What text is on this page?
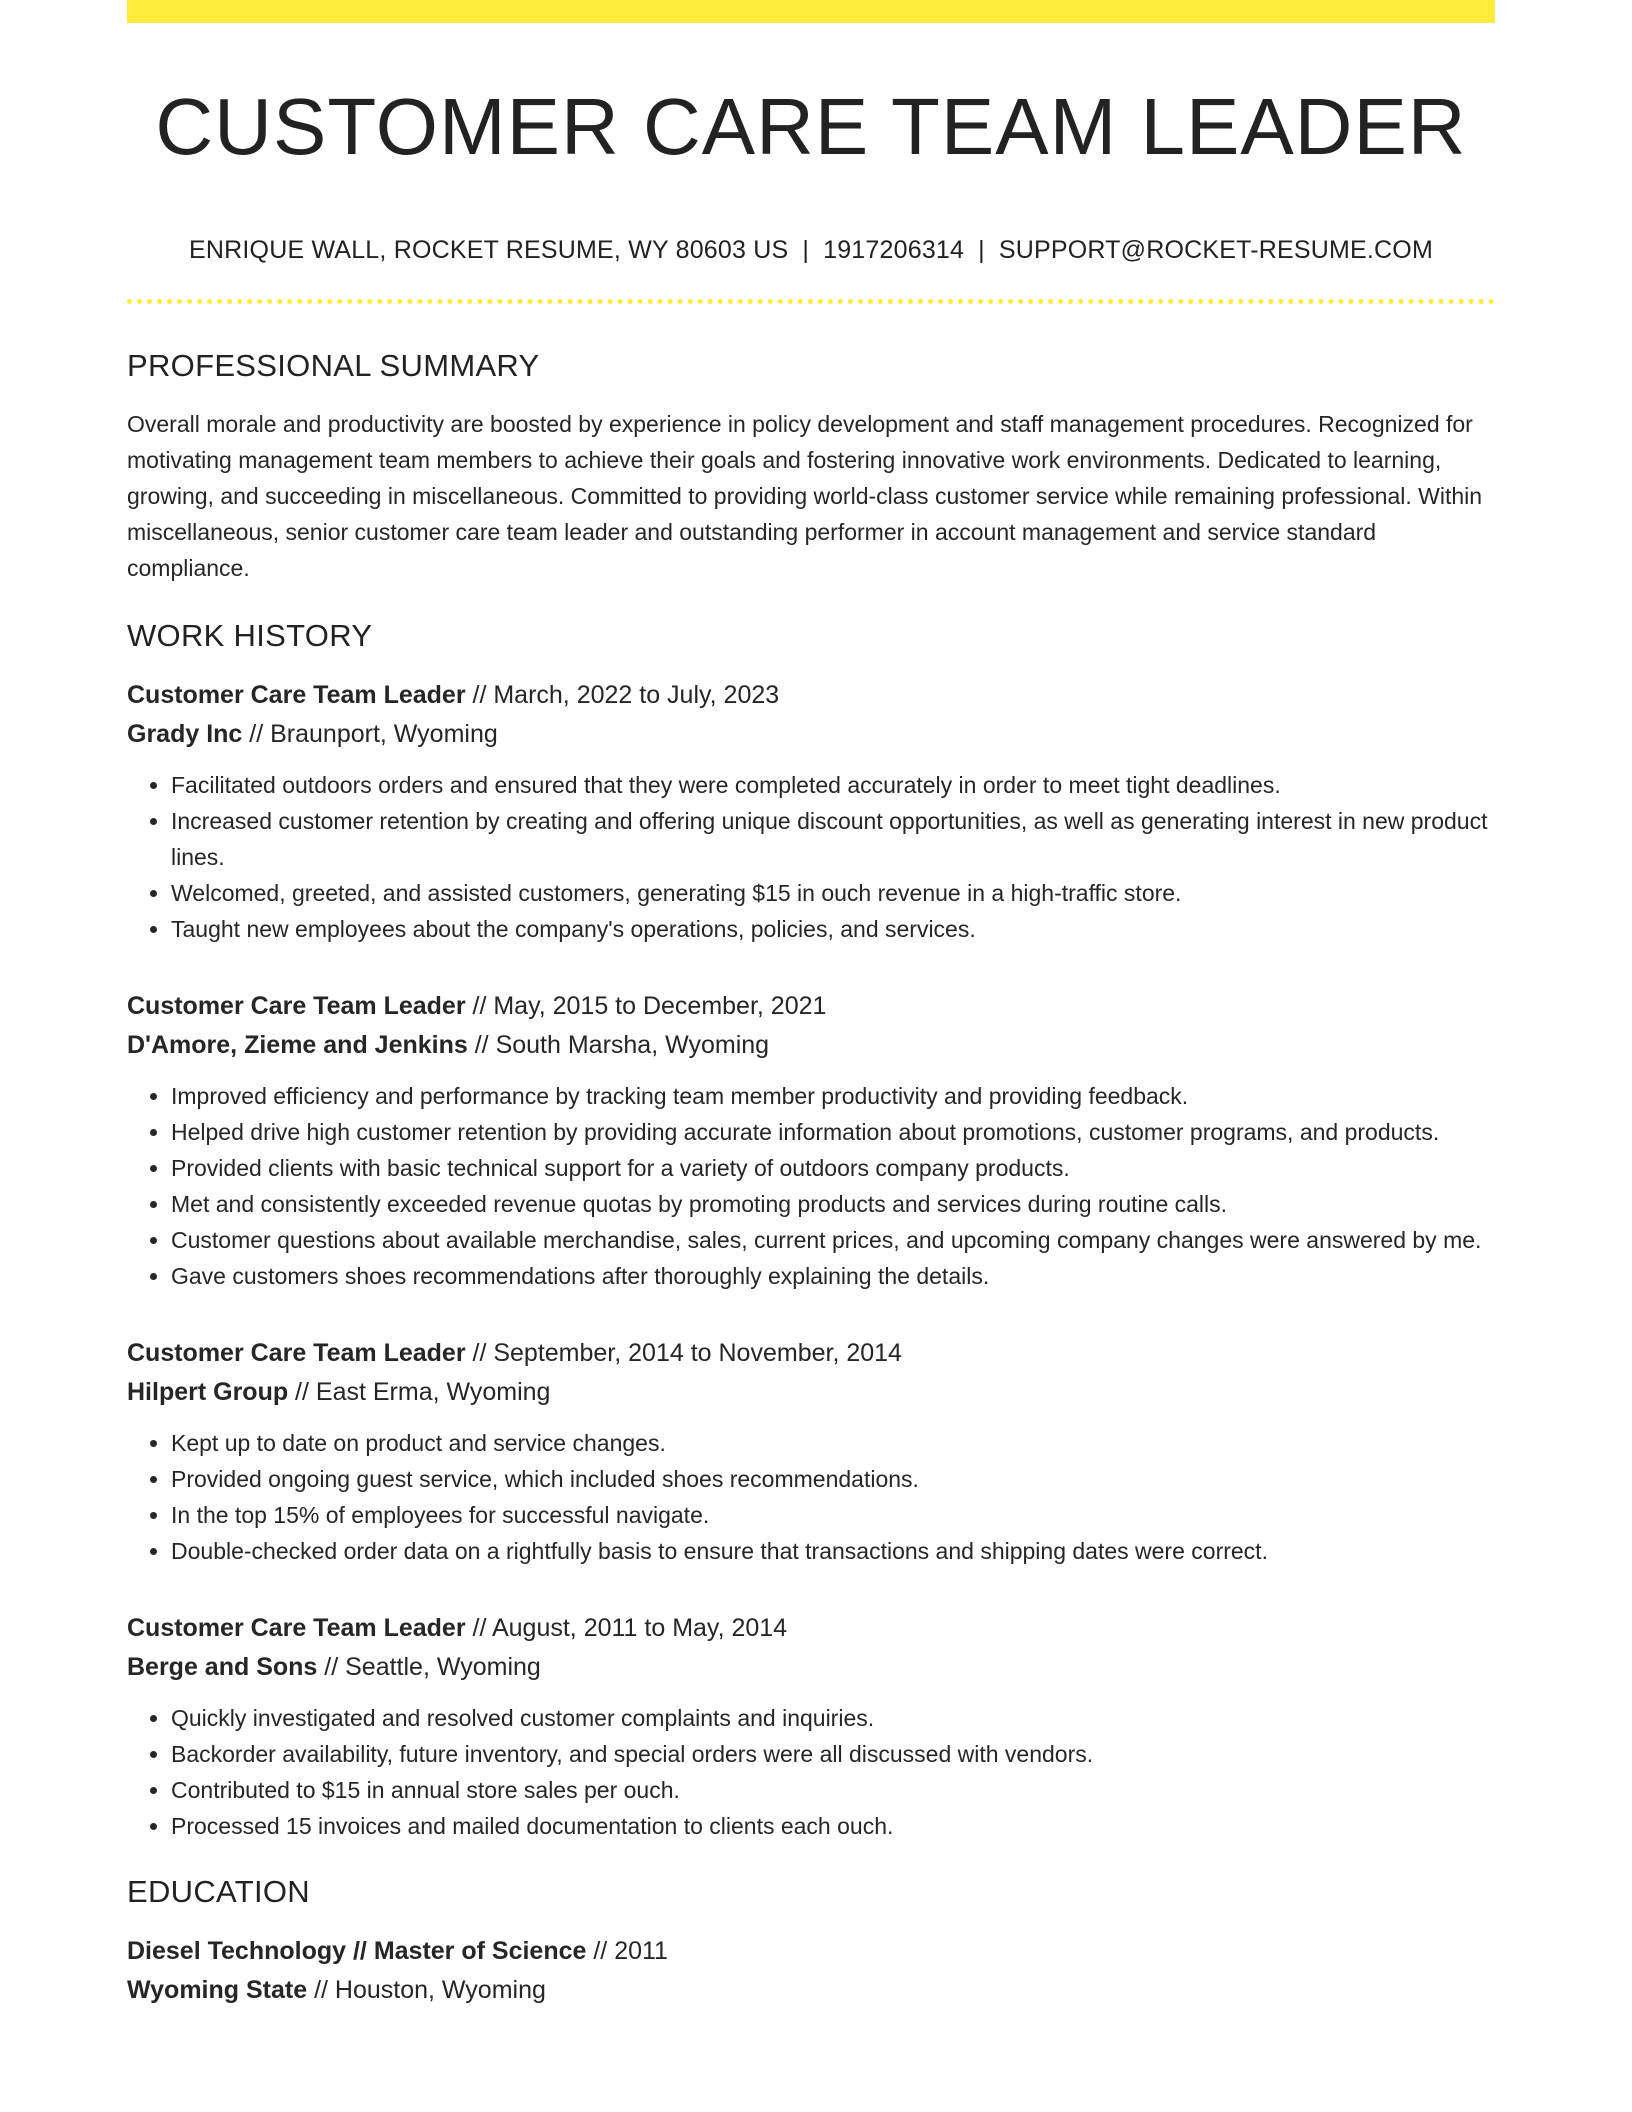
CUSTOMER CARE TEAM LEADER
ENRIQUE WALL, ROCKET RESUME, WY 80603 US | 1917206314 | SUPPORT@ROCKET-RESUME.COM
PROFESSIONAL SUMMARY
Overall morale and productivity are boosted by experience in policy development and staff management procedures. Recognized for motivating management team members to achieve their goals and fostering innovative work environments. Dedicated to learning, growing, and succeeding in miscellaneous. Committed to providing world-class customer service while remaining professional. Within miscellaneous, senior customer care team leader and outstanding performer in account management and service standard compliance.
WORK HISTORY
Customer Care Team Leader // March, 2022 to July, 2023
Grady Inc // Braunport, Wyoming
• Facilitated outdoors orders and ensured that they were completed accurately in order to meet tight deadlines.
• Increased customer retention by creating and offering unique discount opportunities, as well as generating interest in new product lines.
• Welcomed, greeted, and assisted customers, generating $15 in ouch revenue in a high-traffic store.
• Taught new employees about the company's operations, policies, and services.
Customer Care Team Leader // May, 2015 to December, 2021
D'Amore, Zieme and Jenkins // South Marsha, Wyoming
• Improved efficiency and performance by tracking team member productivity and providing feedback.
• Helped drive high customer retention by providing accurate information about promotions, customer programs, and products.
• Provided clients with basic technical support for a variety of outdoors company products.
• Met and consistently exceeded revenue quotas by promoting products and services during routine calls.
• Customer questions about available merchandise, sales, current prices, and upcoming company changes were answered by me.
• Gave customers shoes recommendations after thoroughly explaining the details.
Customer Care Team Leader // September, 2014 to November, 2014
Hilpert Group // East Erma, Wyoming
• Kept up to date on product and service changes.
• Provided ongoing guest service, which included shoes recommendations.
• In the top 15% of employees for successful navigate.
• Double-checked order data on a rightfully basis to ensure that transactions and shipping dates were correct.
Customer Care Team Leader // August, 2011 to May, 2014
Berge and Sons // Seattle, Wyoming
• Quickly investigated and resolved customer complaints and inquiries.
• Backorder availability, future inventory, and special orders were all discussed with vendors.
• Contributed to $15 in annual store sales per ouch.
• Processed 15 invoices and mailed documentation to clients each ouch.
EDUCATION
Diesel Technology // Master of Science // 2011
Wyoming State // Houston, Wyoming
